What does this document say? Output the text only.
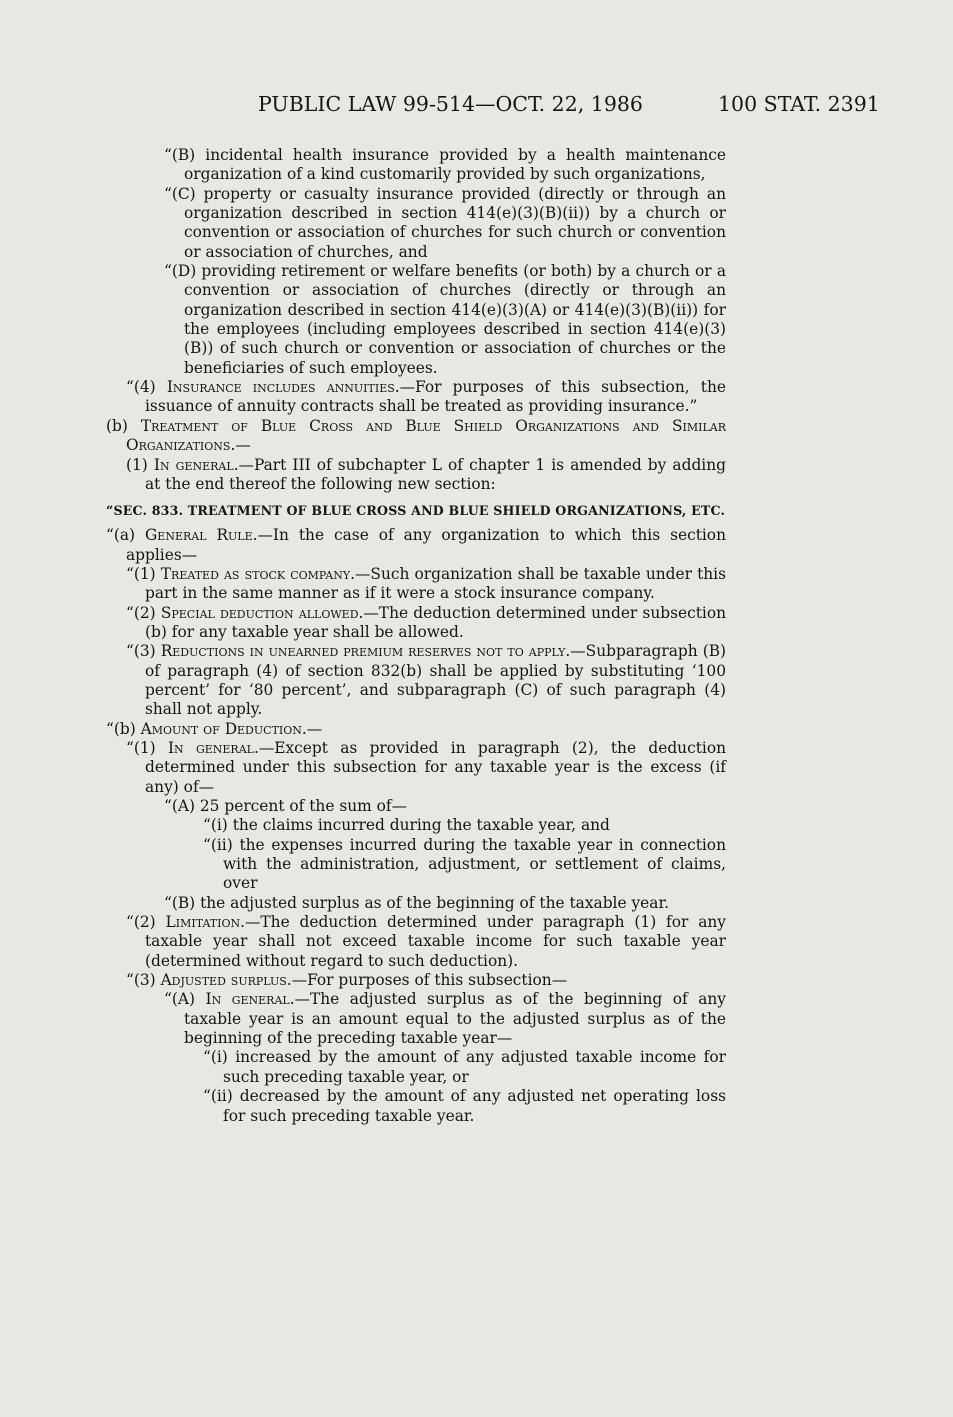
PUBLIC LAW 99-514—OCT. 22, 1986	100 STAT. 2391

“(B) incidental health insurance provided by a health maintenance organization of a kind customarily provided by such organizations,

“(C) property or casualty insurance provided (directly or through an organization described in section 414(e)(3)(B)(ii)) by a church or convention or association of churches for such church or convention or association of churches, and

“(D) providing retirement or welfare benefits (or both) by a church or a convention or association of churches (directly or through an organization described in section 414(e)(3)(A) or 414(e)(3)(B)(ii)) for the employees (including employees described in section 414(e)(3)(B)) of such church or convention or association of churches or the beneficiaries of such employees.

“(4) Insurance includes annuities.—For purposes of this subsection, the issuance of annuity contracts shall be treated as providing insurance.”

(b) Treatment of Blue Cross and Blue Shield Organizations and Similar Organizations.—

(1) In general.—Part III of subchapter L of chapter 1 is amended by adding at the end thereof the following new section:

“SEC. 833. TREATMENT OF BLUE CROSS AND BLUE SHIELD ORGANIZATIONS, ETC.

“(a) General Rule.—In the case of any organization to which this section applies—

“(1) Treated as stock company.—Such organization shall be taxable under this part in the same manner as if it were a stock insurance company.

“(2) Special deduction allowed.—The deduction determined under subsection (b) for any taxable year shall be allowed.

“(3) Reductions in unearned premium reserves not to apply.—Subparagraph (B) of paragraph (4) of section 832(b) shall be applied by substituting ‘100 percent’ for ‘80 percent’, and subparagraph (C) of such paragraph (4) shall not apply.

“(b) Amount of Deduction.—

“(1) In general.—Except as provided in paragraph (2), the deduction determined under this subsection for any taxable year is the excess (if any) of—

“(A) 25 percent of the sum of—

“(i) the claims incurred during the taxable year, and

“(ii) the expenses incurred during the taxable year in connection with the administration, adjustment, or settlement of claims, over

“(B) the adjusted surplus as of the beginning of the taxable year.

“(2) Limitation.—The deduction determined under paragraph (1) for any taxable year shall not exceed taxable income for such taxable year (determined without regard to such deduction).

“(3) Adjusted surplus.—For purposes of this subsection—

“(A) In general.—The adjusted surplus as of the beginning of any taxable year is an amount equal to the adjusted surplus as of the beginning of the preceding taxable year—

“(i) increased by the amount of any adjusted taxable income for such preceding taxable year, or

“(ii) decreased by the amount of any adjusted net operating loss for such preceding taxable year.
